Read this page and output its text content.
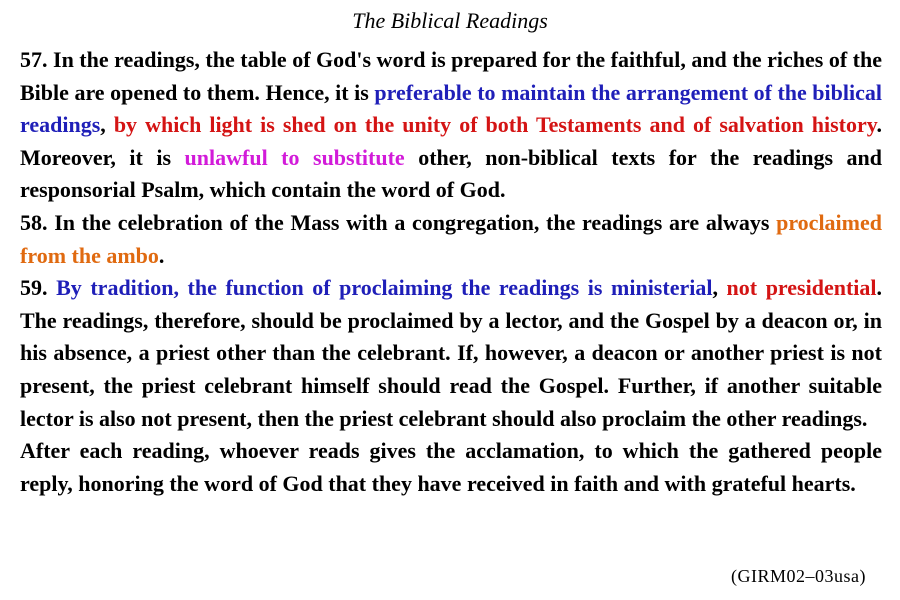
The Biblical Readings

57. In the readings, the table of God's word is prepared for the faithful, and the riches of the Bible are opened to them. Hence, it is preferable to maintain the arrangement of the biblical readings, by which light is shed on the unity of both Testaments and of salvation history. Moreover, it is unlawful to substitute other, non-biblical texts for the readings and responsorial Psalm, which contain the word of God.

58. In the celebration of the Mass with a congregation, the readings are always proclaimed from the ambo.

59. By tradition, the function of proclaiming the readings is ministerial, not presidential. The readings, therefore, should be proclaimed by a lector, and the Gospel by a deacon or, in his absence, a priest other than the celebrant. If, however, a deacon or another priest is not present, the priest celebrant himself should read the Gospel. Further, if another suitable lector is also not present, then the priest celebrant should also proclaim the other readings.

After each reading, whoever reads gives the acclamation, to which the gathered people reply, honoring the word of God that they have received in faith and with grateful hearts.

(GIRM02–03usa)
